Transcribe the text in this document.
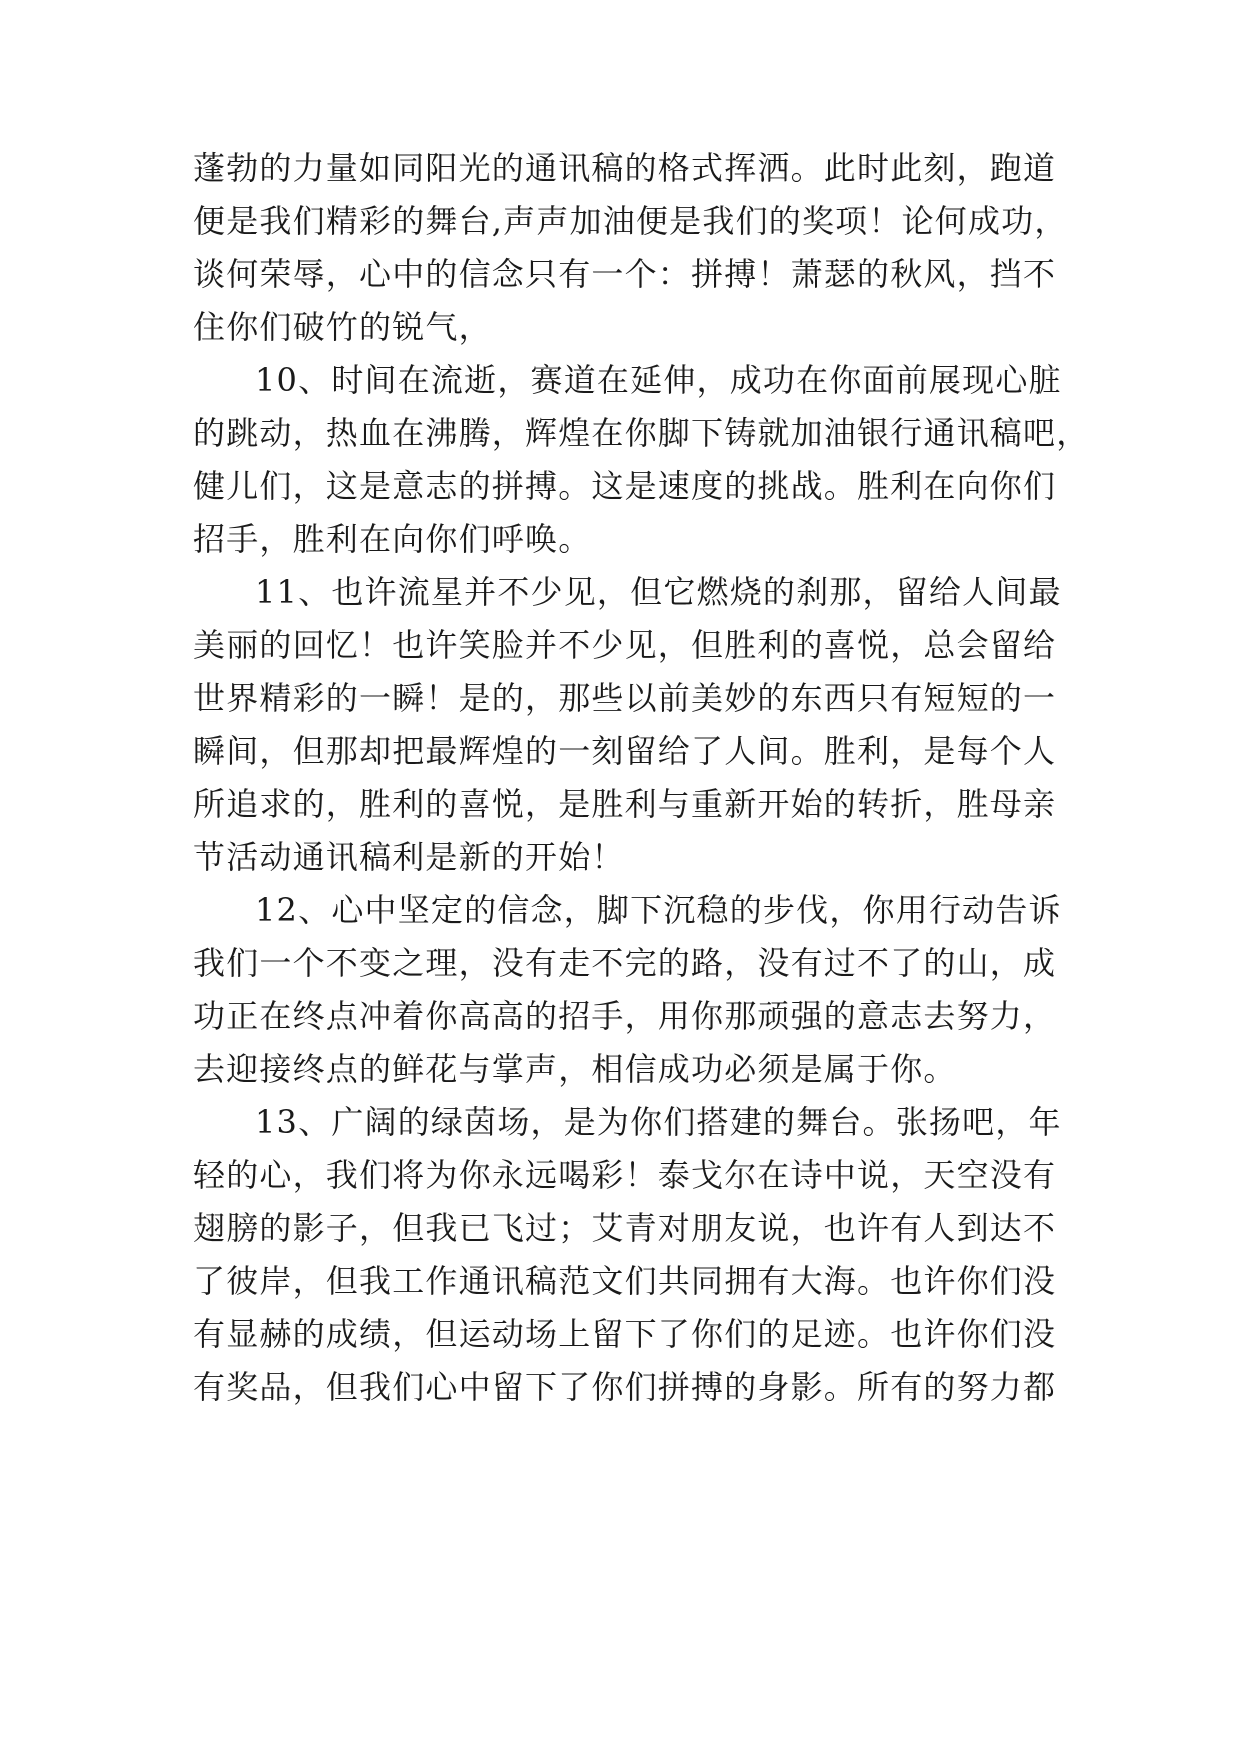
蓬勃的力量如同阳光的通讯稿的格式挥洒。此时此刻，跑道
便是我们精彩的舞台,声声加油便是我们的奖项！论何成功，
谈何荣辱，心中的信念只有一个：拼搏！萧瑟的秋风，挡不
住你们破竹的锐气，
10、时间在流逝，赛道在延伸，成功在你面前展现心脏
的跳动，热血在沸腾，辉煌在你脚下铸就加油银行通讯稿吧，
健儿们，这是意志的拼搏。这是速度的挑战。胜利在向你们
招手，胜利在向你们呼唤。
11、也许流星并不少见，但它燃烧的刹那，留给人间最
美丽的回忆！也许笑脸并不少见，但胜利的喜悦，总会留给
世界精彩的一瞬！是的，那些以前美妙的东西只有短短的一
瞬间，但那却把最辉煌的一刻留给了人间。胜利，是每个人
所追求的，胜利的喜悦，是胜利与重新开始的转折，胜母亲
节活动通讯稿利是新的开始！
12、心中坚定的信念，脚下沉稳的步伐，你用行动告诉
我们一个不变之理，没有走不完的路，没有过不了的山，成
功正在终点冲着你高高的招手，用你那顽强的意志去努力，
去迎接终点的鲜花与掌声，相信成功必须是属于你。
13、广阔的绿茵场，是为你们搭建的舞台。张扬吧，年
轻的心，我们将为你永远喝彩！泰戈尔在诗中说，天空没有
翅膀的影子，但我已飞过；艾青对朋友说，也许有人到达不
了彼岸，但我工作通讯稿范文们共同拥有大海。也许你们没
有显赫的成绩，但运动场上留下了你们的足迹。也许你们没
有奖品，但我们心中留下了你们拼搏的身影。所有的努力都
